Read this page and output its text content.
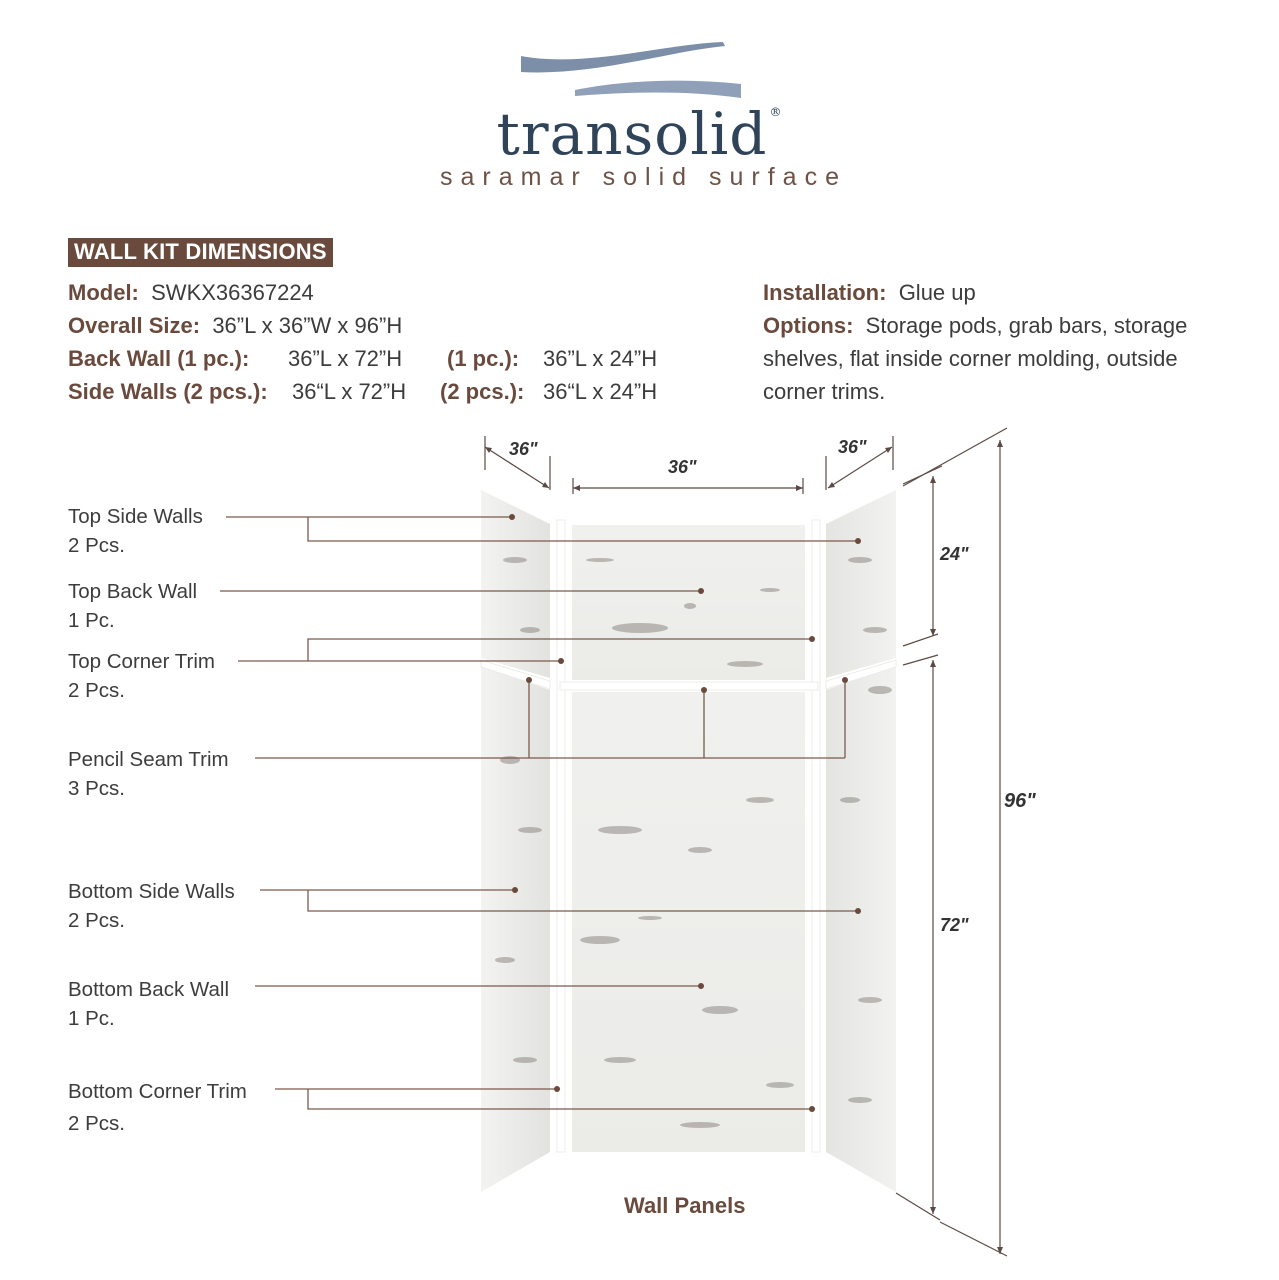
transolid ®
saramar solid surface
WALL KIT DIMENSIONS
Model: SWKX36367224
Overall Size: 36”L x 36”W x 96”H
Back Wall (1 pc.): 36”L x 72”H (1 pc.): 36”L x 24”H
Side Walls (2 pcs.): 36“L x 72”H (2 pcs.): 36“L x 24”H
Installation: Glue up
Options: Storage pods, grab bars, storage
shelves, flat inside corner molding, outside
corner trims.
36"
36"
36"
24"
72"
96"
Top Side Walls
2 Pcs.
Top Back Wall
1 Pc.
Top Corner Trim
2 Pcs.
Pencil Seam Trim
3 Pcs.
Bottom Side Walls
2 Pcs.
Bottom Back Wall
1 Pc.
Bottom Corner Trim
2 Pcs.
Wall Panels
